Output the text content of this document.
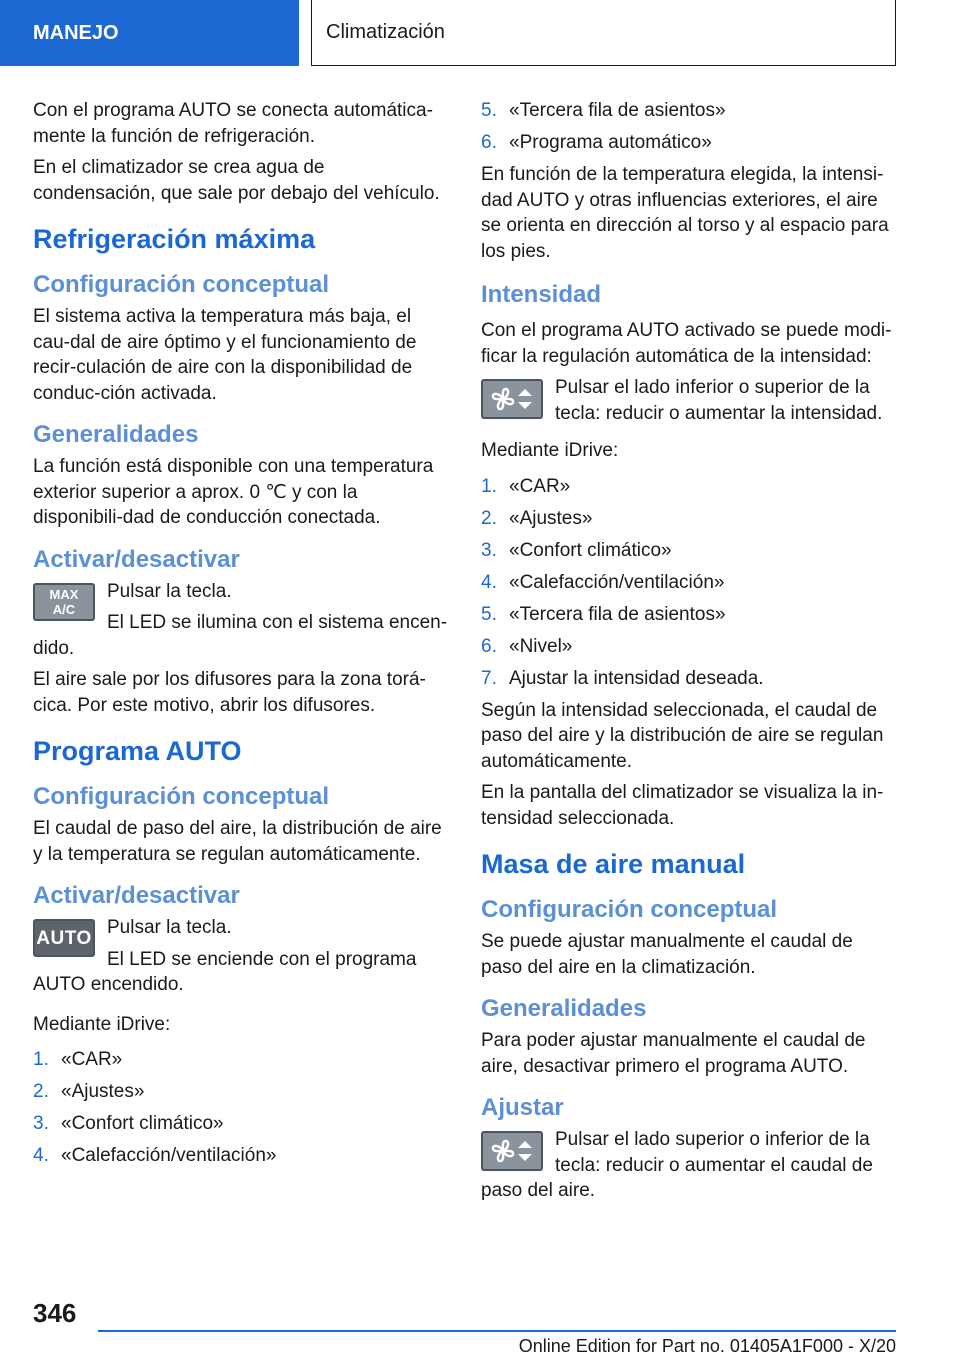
MANEJO	Climatización

Con el programa AUTO se conecta automática-mente la función de refrigeración.

En el climatizador se crea agua de condensación, que sale por debajo del vehículo.

Refrigeración máxima
Configuración conceptual

El sistema activa la temperatura más baja, el cau-dal de aire óptimo y el funcionamiento de recir-culación de aire con la disponibilidad de conduc-ción activada.

Generalidades

La función está disponible con una temperatura exterior superior a aprox. 0 ℃ y con la disponibili-dad de conducción conectada.

Activar/desactivar
MAX
A/C

Pulsar la tecla.

El LED se ilumina con el sistema encen-dido.

El aire sale por los difusores para la zona torá-cica. Por este motivo, abrir los difusores.

Programa AUTO
Configuración conceptual

El caudal de paso del aire, la distribución de aire y la temperatura se regulan automáticamente.

Activar/desactivar
AUTO Pulsar la tecla.

El LED se enciende con el programa AUTO encendido.

Mediante iDrive:

1. «CAR»
2. «Ajustes»
3. «Confort climático»
4. «Calefacción/ventilación»
5. «Tercera fila de asientos»
6. «Programa automático»

En función de la temperatura elegida, la intensi-dad AUTO y otras influencias exteriores, el aire se orienta en dirección al torso y al espacio para los pies.

Intensidad

Con el programa AUTO activado se puede modi-ficar la regulación automática de la intensidad:

Pulsar el lado inferior o superior de la tecla: reducir o aumentar la intensidad.

Mediante iDrive:

1. «CAR»
2. «Ajustes»
3. «Confort climático»
4. «Calefacción/ventilación»
5. «Tercera fila de asientos»
6. «Nivel»
7. Ajustar la intensidad deseada.

Según la intensidad seleccionada, el caudal de paso del aire y la distribución de aire se regulan automáticamente.

En la pantalla del climatizador se visualiza la in-tensidad seleccionada.

Masa de aire manual
Configuración conceptual

Se puede ajustar manualmente el caudal de paso del aire en la climatización.

Generalidades

Para poder ajustar manualmente el caudal de aire, desactivar primero el programa AUTO.

Ajustar

Pulsar el lado superior o inferior de la tecla: reducir o aumentar el caudal de paso del aire.

346
Online Edition for Part no. 01405A1F000 - X/20
